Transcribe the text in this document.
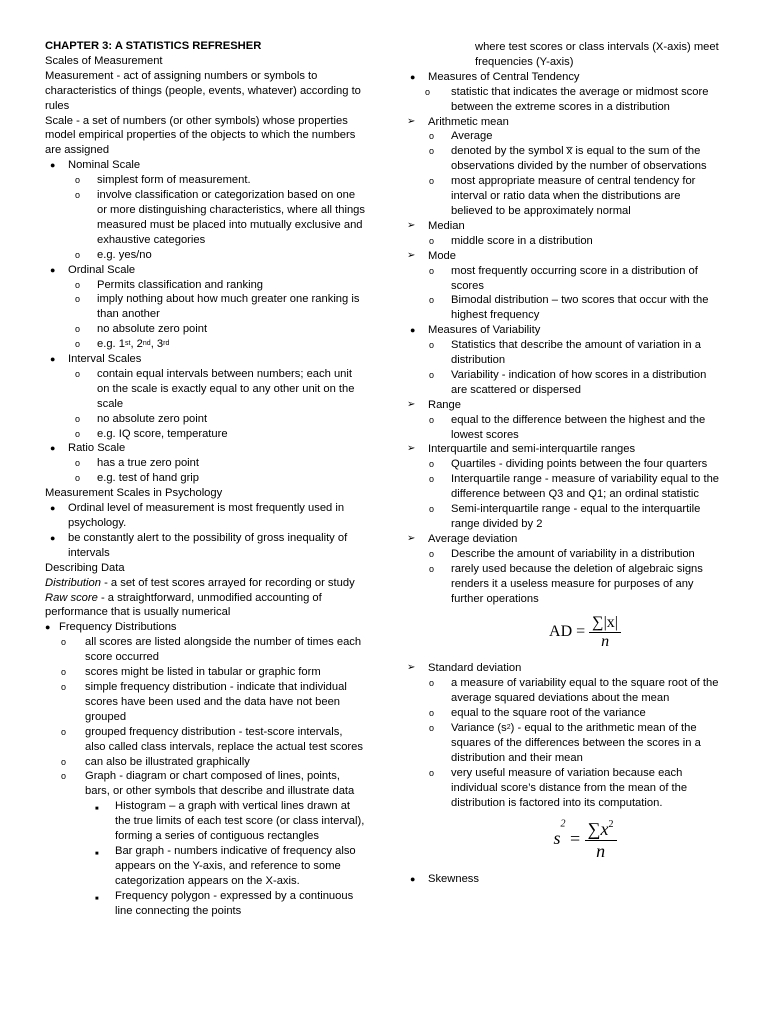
CHAPTER 3: A STATISTICS REFRESHER
Scales of Measurement
Measurement - act of assigning numbers or symbols to characteristics of things (people, events, whatever) according to rules
Scale - a set of numbers (or other symbols) whose properties model empirical properties of the objects to which the numbers are assigned
●	Nominal Scale
o	simplest form of measurement.
o	involve classification or categorization based on one or more distinguishing characteristics, where all things measured must be placed into mutually exclusive and exhaustive categories
o	e.g. yes/no
●	Ordinal Scale
o	Permits classification and ranking
o	imply nothing about how much greater one ranking is than another
o	no absolute zero point
o	e.g. 1st, 2nd, 3rd
●	Interval Scales
o	contain equal intervals between numbers; each unit on the scale is exactly equal to any other unit on the scale
o	no absolute zero point
o	e.g. IQ score, temperature
●	Ratio Scale
o	has a true zero point
o	e.g. test of hand grip
Measurement Scales in Psychology
●	Ordinal level of measurement is most frequently used in psychology.
●	be constantly alert to the possibility of gross inequality of intervals
Describing Data
Distribution - a set of test scores arrayed for recording or study
Raw score - a straightforward, unmodified accounting of performance that is usually numerical
● Frequency Distributions
o	all scores are listed alongside the number of times each score occurred
o	scores might be listed in tabular or graphic form
o	simple frequency distribution - indicate that individual scores have been used and the data have not been grouped
o	grouped frequency distribution - test-score intervals, also called class intervals, replace the actual test scores
o	can also be illustrated graphically
o	Graph - diagram or chart composed of lines, points, bars, or other symbols that describe and illustrate data
■	Histogram – a graph with vertical lines drawn at the true limits of each test score (or class interval), forming a series of contiguous rectangles
■	Bar graph - numbers indicative of frequency also appears on the Y-axis, and reference to some categorization appears on the X-axis.
■	Frequency polygon - expressed by a continuous line connecting the points
where test scores or class intervals (X-axis) meet frequencies (Y-axis)
●	Measures of Central Tendency
o	statistic that indicates the average or midmost score between the extreme scores in a distribution
➢	Arithmetic mean
o	Average
o	denoted by the symbol x̅ is equal to the sum of the observations divided by the number of observations
o	most appropriate measure of central tendency for interval or ratio data when the distributions are believed to be approximately normal
➢	Median
o	middle score in a distribution
➢	Mode
o	most frequently occurring score in a distribution of scores
o	Bimodal distribution – two scores that occur with the highest frequency
●	Measures of Variability
o	Statistics that describe the amount of variation in a distribution
o	Variability - indication of how scores in a distribution are scattered or dispersed
➢	Range
o	equal to the difference between the highest and the lowest scores
➢	Interquartile and semi-interquartile ranges
o	Quartiles - dividing points between the four quarters
o	Interquartile range - measure of variability equal to the difference between Q3 and Q1; an ordinal statistic
o	Semi-interquartile range - equal to the interquartile range divided by 2
➢	Average deviation
o	Describe the amount of variability in a distribution
o	rarely used because the deletion of algebraic signs renders it a useless measure for purposes of any further operations
AD = $\frac{\sum|x|}{n}$
➢	Standard deviation
o	a measure of variability equal to the square root of the average squared deviations about the mean
o	equal to the square root of the variance
o	Variance $(s^2)$ - equal to the arithmetic mean of the squares of the differences between the scores in a distribution and their mean
o	very useful measure of variation because each individual score’s distance from the mean of the distribution is factored into its computation.
$s^2 = \frac{\sum x^2}{n}$
●	Skewness
